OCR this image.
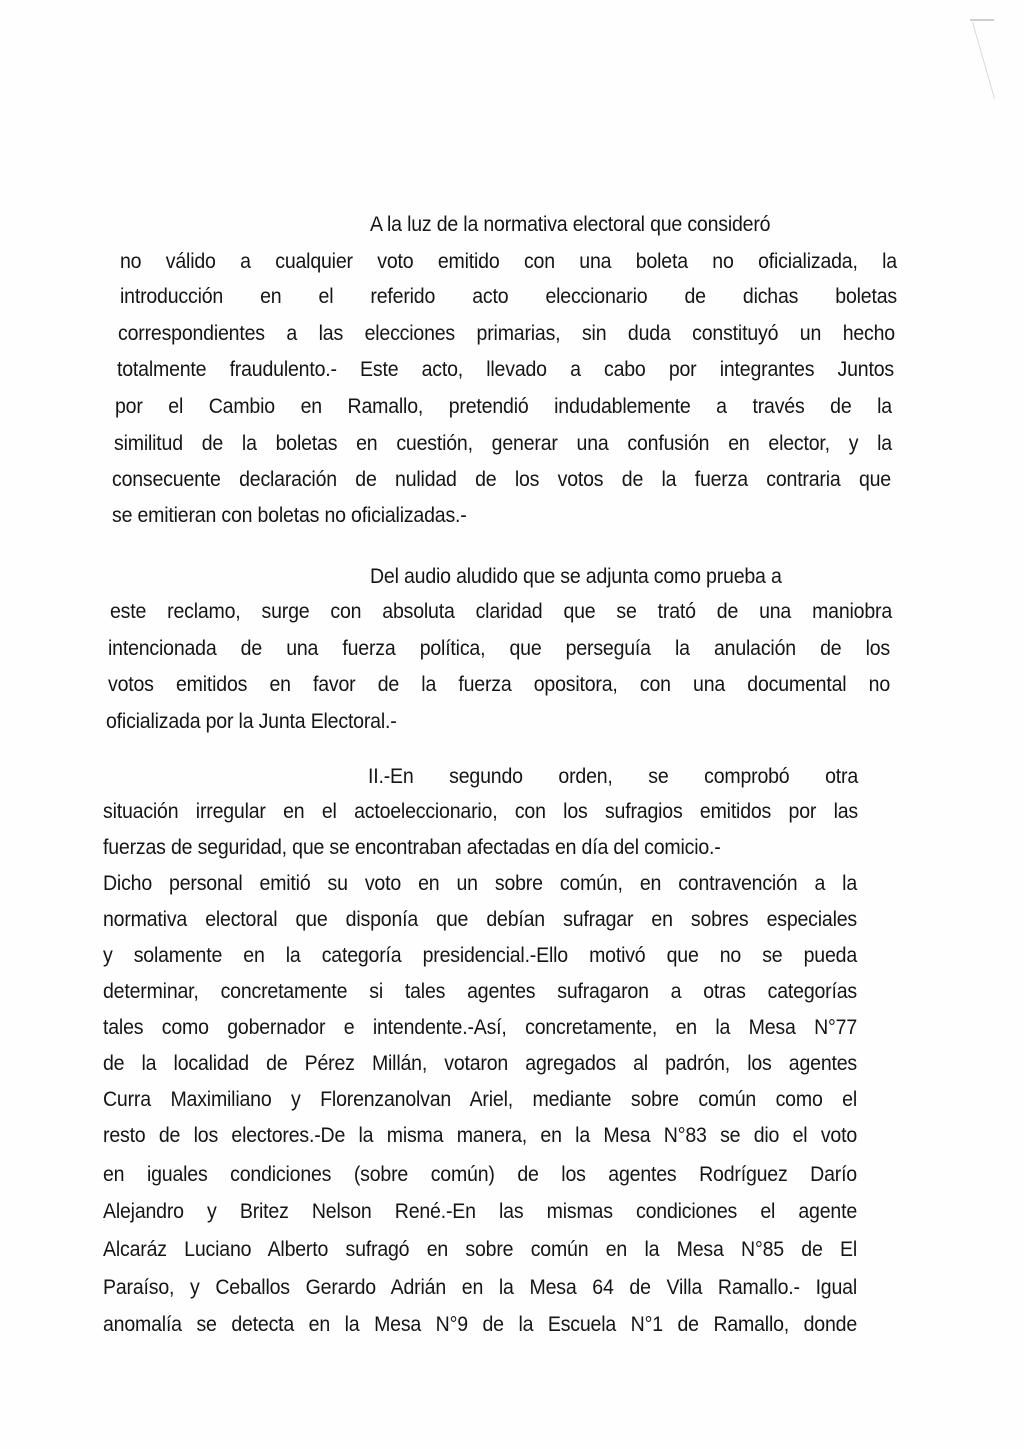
A la luz de la normativa electoral que consideró
no válido a cualquier voto emitido con una boleta no oficializada, la
introducción en el referido acto eleccionario de dichas boletas
correspondientes a las elecciones primarias, sin duda constituyó un hecho
totalmente fraudulento.- Este acto, llevado a cabo por integrantes Juntos
por el Cambio en Ramallo, pretendió indudablemente a través de la
similitud de la boletas en cuestión, generar una confusión en elector, y la
consecuente declaración de nulidad de los votos de la fuerza contraria que
se emitieran con boletas no oficializadas.-
Del audio aludido que se adjunta como prueba a
este reclamo, surge con absoluta claridad que se trató de una maniobra
intencionada de una fuerza política, que perseguía la anulación de los
votos emitidos en favor de la fuerza opositora, con una documental no
oficializada por la Junta Electoral.-
II.-En segundo orden, se comprobó otra
situación irregular en el actoeleccionario, con los sufragios emitidos por las
fuerzas de seguridad, que se encontraban afectadas en día del comicio.-
Dicho personal emitió su voto en un sobre común, en contravención a la
normativa electoral que disponía que debían sufragar en sobres especiales
y solamente en la categoría presidencial.-Ello motivó que no se pueda
determinar, concretamente si tales agentes sufragaron a otras categorías
tales como gobernador e intendente.-Así, concretamente, en la Mesa N°77
de la localidad de Pérez Millán, votaron agregados al padrón, los agentes
Curra Maximiliano y Florenzanolvan Ariel, mediante sobre común como el
resto de los electores.-De la misma manera, en la Mesa N°83 se dio el voto
en iguales condiciones (sobre común) de los agentes Rodríguez Darío
Alejandro y Britez Nelson René.-En las mismas condiciones el agente
Alcaráz Luciano Alberto sufragó en sobre común en la Mesa N°85 de El
Paraíso, y Ceballos Gerardo Adrián en la Mesa 64 de Villa Ramallo.- Igual
anomalía se detecta en la Mesa N°9 de la Escuela N°1 de Ramallo, donde
